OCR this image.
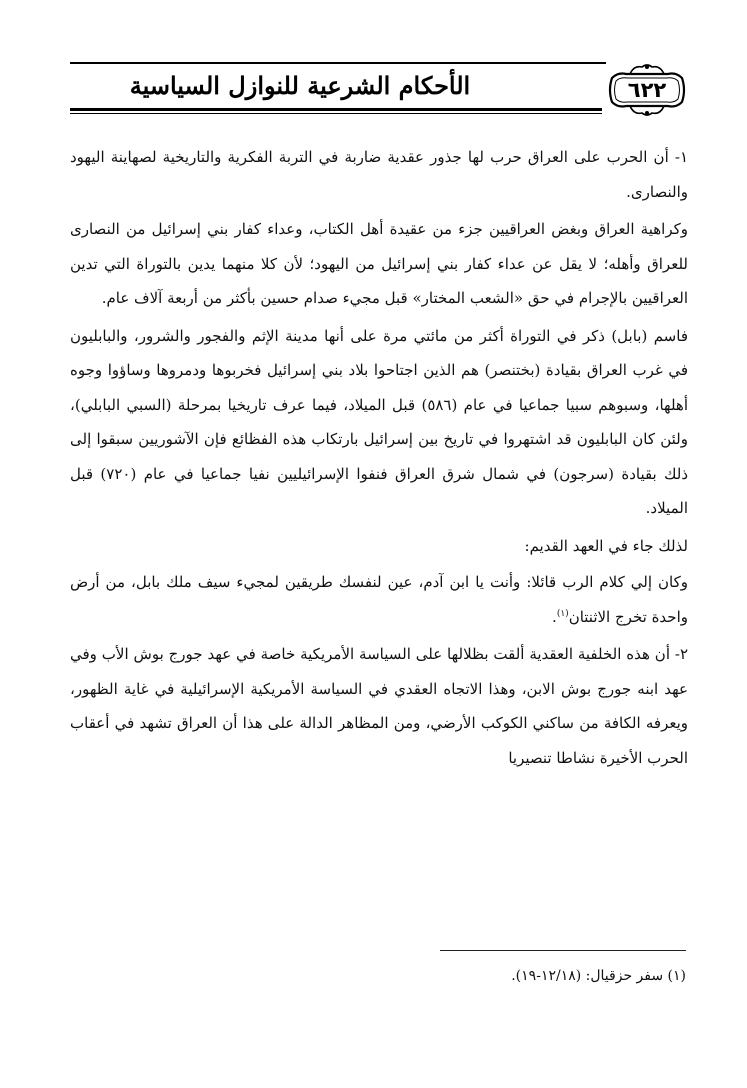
الأحكام الشرعية للنوازل السياسية	٦٢٢

١- أن الحرب على العراق حرب لها جذور عقدية ضاربة في التربة الفكرية والتاريخية لصهاينة اليهود والنصارى.

وكراهية العراق وبغض العراقيين جزء من عقيدة أهل الكتاب، وعداء كفار بني إسرائيل من النصارى للعراق وأهله؛ لا يقل عن عداء كفار بني إسرائيل من اليهود؛ لأن كلا منهما يدين بالتوراة التي تدين العراقيين بالإجرام في حق «الشعب المختار» قبل مجيء صدام حسين بأكثر من أربعة آلاف عام.

فاسم (بابل) ذكر في التوراة أكثر من مائتي مرة على أنها مدينة الإثم والفجور والشرور، والبابليون في غرب العراق بقيادة (بختنصر) هم الذين اجتاحوا بلاد بني إسرائيل فخربوها ودمروها وساؤوا وجوه أهلها، وسبوهم سبيا جماعيا في عام (٥٨٦) قبل الميلاد، فيما عرف تاريخيا بمرحلة (السبي البابلي)، ولئن كان البابليون قد اشتهروا في تاريخ بين إسرائيل بارتكاب هذه الفظائع فإن الآشوريين سبقوا إلى ذلك بقيادة (سرجون) في شمال شرق العراق فنفوا الإسرائيليين نفيا جماعيا في عام (٧٢٠) قبل الميلاد.

لذلك جاء في العهد القديم:

وكان إلي كلام الرب قائلا: وأنت يا ابن آدم، عين لنفسك طريقين لمجيء سيف ملك بابل، من أرض واحدة تخرج الاثنتان$^{(١)}$.

٢- أن هذه الخلفية العقدية ألقت بظلالها على السياسة الأمريكية خاصة في عهد جورج بوش الأب وفي عهد ابنه جورج بوش الابن، وهذا الاتجاه العقدي في السياسة الأمريكية الإسرائيلية في غاية الظهور، ويعرفه الكافة من ساكني الكوكب الأرضي، ومن المظاهر الدالة على هذا أن العراق تشهد في أعقاب الحرب الأخيرة نشاطا تنصيريا

(١) سفر حزقيال: (١٢/١٨-١٩).
